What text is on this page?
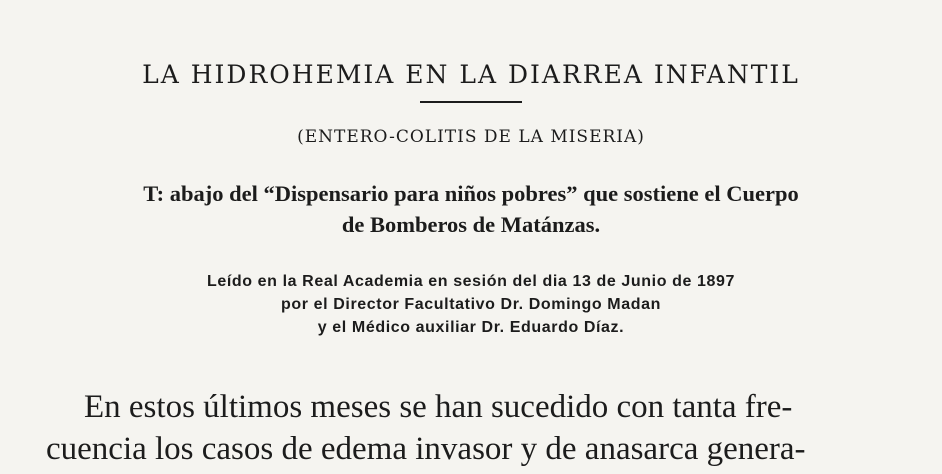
LA HIDROHEMIA EN LA DIARREA INFANTIL
(ENTERO-COLITIS DE LA MISERIA)
T: abajo del “Dispensario para niños pobres” que sostiene el Cuerpo
de Bomberos de Matánzas.
Leído en la Real Academia en sesión del dia 13 de Junio de 1897
por el Director Facultativo Dr. Domingo Madan
y el Médico auxiliar Dr. Eduardo Díaz.
En estos últimos meses se han sucedido con tanta fre-
cuencia los casos de edema invasor y de anasarca genera-
